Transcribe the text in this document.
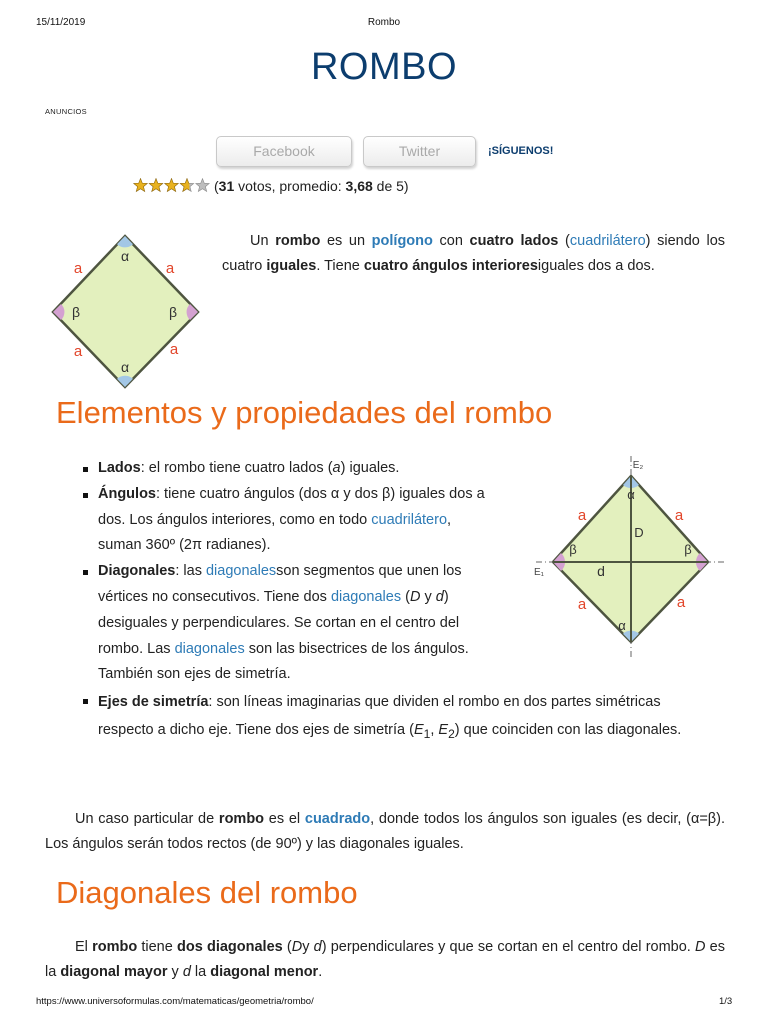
15/11/2019	Rombo
ROMBO
ANUNCIOS
Facebook	Twitter	¡SÍGUENOS!
(31 votos, promedio: 3,68 de 5)
α
α
β	β
a	a
a	a
Un rombo es un polígono con cuatro lados (cuadrilátero) siendo los cuatro iguales. Tiene cuatro ángulos interioresiguales dos a dos.
Elementos y propiedades del rombo
Lados: el rombo tiene cuatro lados (a) iguales.
Ángulos: tiene cuatro ángulos (dos α y dos β) iguales dos a dos. Los ángulos interiores, como en todo cuadrilátero, suman 360º (2π radianes).
Diagonales: las diagonalesson segmentos que unen los vértices no consecutivos. Tiene dos diagonales (D y d) desiguales y perpendiculares. Se cortan en el centro del rombo. Las diagonales son las bisectrices de los ángulos. También son ejes de simetría.
Ejes de simetría: son líneas imaginarias que dividen el rombo en dos partes simétricas respecto a dicho eje. Tiene dos ejes de simetría ($E_1$, $E_2$) que coinciden con las diagonales.
α
α
β	β
D
d
E₂
E₁
a	a
a	a
Un caso particular de rombo es el cuadrado, donde todos los ángulos son iguales (es decir, (α=β). Los ángulos serán todos rectos (de 90º) y las diagonales iguales.
Diagonales del rombo
El rombo tiene dos diagonales (Dy d) perpendiculares y que se cortan en el centro del rombo. D es la diagonal mayor y d la diagonal menor.
https://www.universoformulas.com/matematicas/geometria/rombo/	1/3
